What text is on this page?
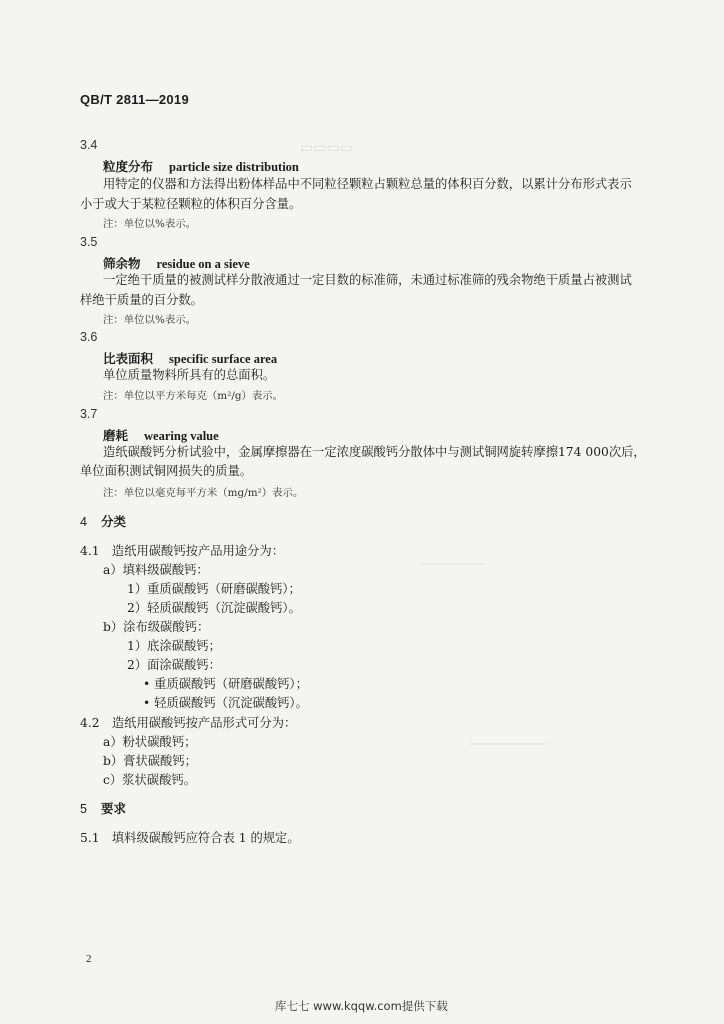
▭▭▭▭
────────────
──────────────
QB/T 2811—2019
3.4
粒度分布 particle size distribution
用特定的仪器和方法得出粉体样品中不同粒径颗粒占颗粒总量的体积百分数，以累计分布形式表示
小于或大于某粒径颗粒的体积百分含量。
注：单位以%表示。
3.5
筛余物 residue on a sieve
一定绝干质量的被测试样分散液通过一定目数的标准筛，未通过标准筛的残余物绝干质量占被测试
样绝干质量的百分数。
注：单位以%表示。
3.6
比表面积 specific surface area
单位质量物料所具有的总面积。
注：单位以平方米每克（m²/g）表示。
3.7
磨耗 wearing value
造纸碳酸钙分析试验中，金属摩擦器在一定浓度碳酸钙分散体中与测试铜网旋转摩擦174 000次后，
单位面积测试铜网损失的质量。
注：单位以毫克每平方米（mg/m²）表示。
4 分类
4.1　造纸用碳酸钙按产品用途分为：
a）填料级碳酸钙：
1）重质碳酸钙（研磨碳酸钙）；
2）轻质碳酸钙（沉淀碳酸钙）。
b）涂布级碳酸钙：
1）底涂碳酸钙；
2）面涂碳酸钙：
• 重质碳酸钙（研磨碳酸钙）；
• 轻质碳酸钙（沉淀碳酸钙）。
4.2　造纸用碳酸钙按产品形式可分为：
a）粉状碳酸钙；
b）膏状碳酸钙；
c）浆状碳酸钙。
5 要求
5.1　填料级碳酸钙应符合表 1 的规定。
2
库七七 www.kqqw.com提供下载
